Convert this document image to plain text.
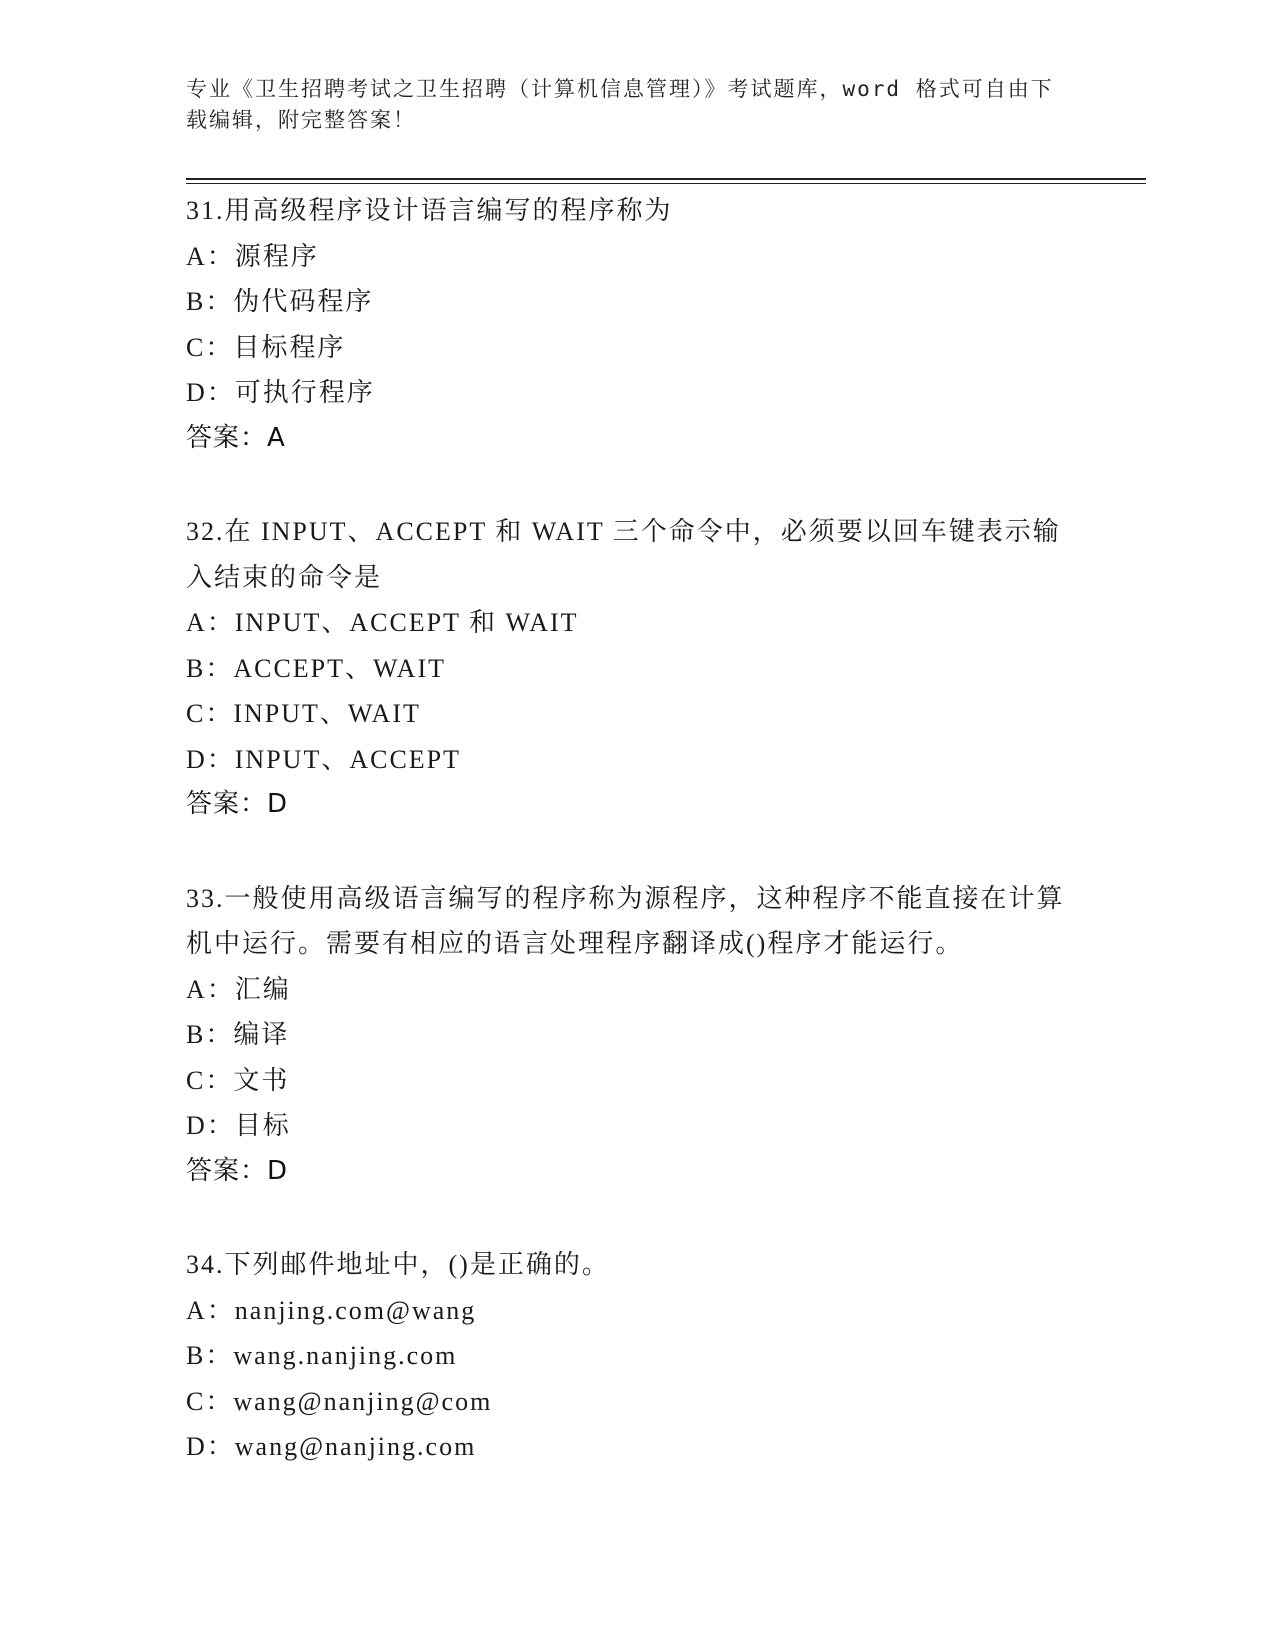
专业《卫生招聘考试之卫生招聘（计算机信息管理）》考试题库，word 格式可自由下载编辑，附完整答案！
31.用高级程序设计语言编写的程序称为
A：源程序
B：伪代码程序
C：目标程序
D：可执行程序
答案：A
32.在 INPUT、ACCEPT 和 WAIT 三个命令中，必须要以回车键表示输入结束的命令是
A：INPUT、ACCEPT 和 WAIT
B：ACCEPT、WAIT
C：INPUT、WAIT
D：INPUT、ACCEPT
答案：D
33.一般使用高级语言编写的程序称为源程序，这种程序不能直接在计算机中运行。需要有相应的语言处理程序翻译成()程序才能运行。
A：汇编
B：编译
C：文书
D：目标
答案：D
34.下列邮件地址中，()是正确的。
A：nanjing.com@wang
B：wang.nanjing.com
C：wang@nanjing@com
D：wang@nanjing.com
